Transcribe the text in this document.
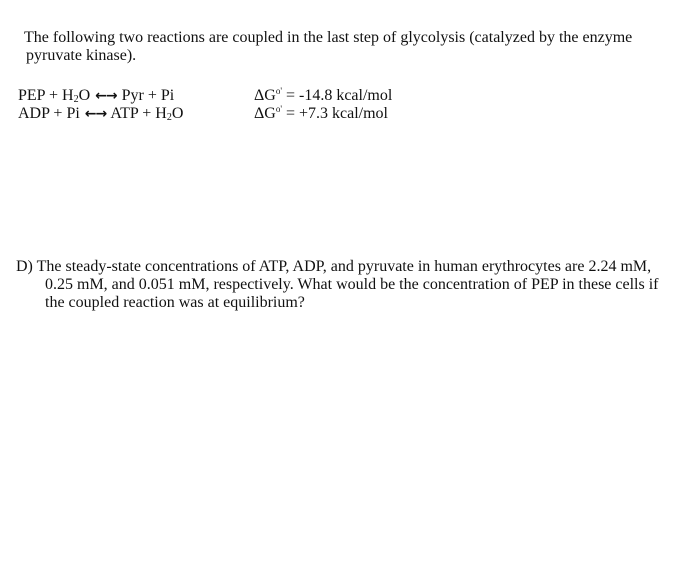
The following two reactions are coupled in the last step of glycolysis (catalyzed by the enzyme
pyruvate kinase).
PEP + $H_2O$ ←→ Pyr + Pi	$\Delta G^{o'} = -14.8$ kcal/mol
ADP + Pi ←→ ATP + $H_2O$	$\Delta G^{o'} = +7.3$ kcal/mol
D) The steady-state concentrations of ATP, ADP, and pyruvate in human erythrocytes are 2.24 mM,
0.25 mM, and 0.051 mM, respectively. What would be the concentration of PEP in these cells if
the coupled reaction was at equilibrium?
